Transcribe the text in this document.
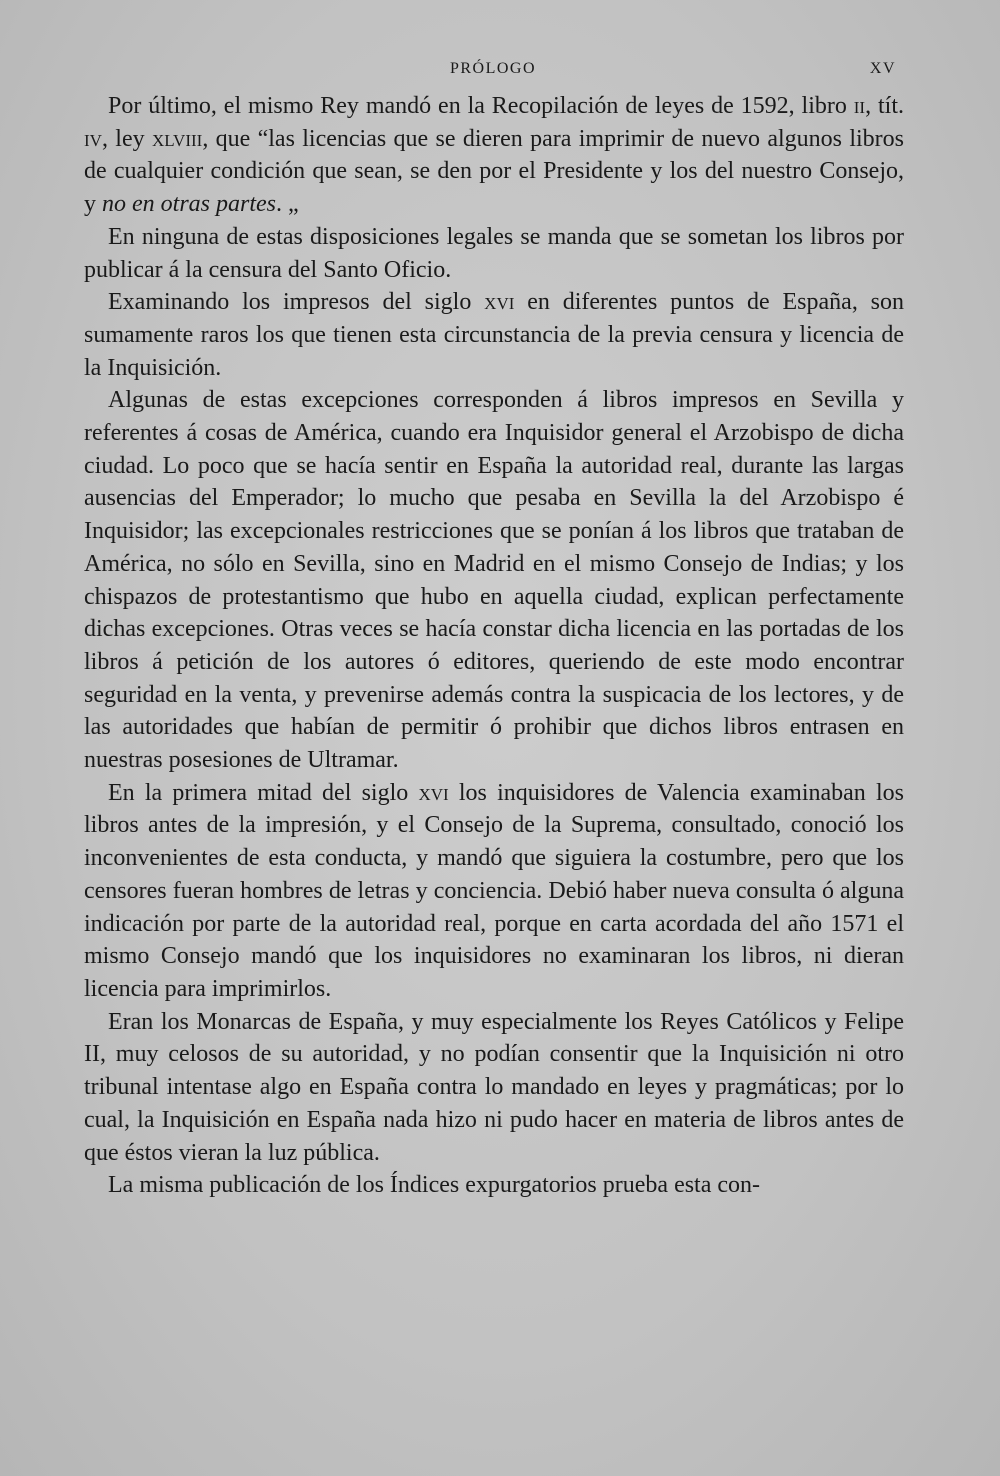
PRÓLOGO	XV

Por último, el mismo Rey mandó en la Recopilación de leyes de 1592, libro ii, tít. iv, ley xlviii, que “las licencias que se dieren para imprimir de nuevo algunos libros de cualquier condición que sean, se den por el Presidente y los del nuestro Consejo, y no en otras partes. „

En ninguna de estas disposiciones legales se manda que se sometan los libros por publicar á la censura del Santo Oficio.

Examinando los impresos del siglo xvi en diferentes puntos de España, son sumamente raros los que tienen esta circunstancia de la previa censura y licencia de la Inquisición.

Algunas de estas excepciones corresponden á libros impresos en Sevilla y referentes á cosas de América, cuando era Inquisidor general el Arzobispo de dicha ciudad. Lo poco que se hacía sentir en España la autoridad real, durante las largas ausencias del Emperador; lo mucho que pesaba en Sevilla la del Arzobispo é Inquisidor; las excepcionales restricciones que se ponían á los libros que trataban de América, no sólo en Sevilla, sino en Madrid en el mismo Consejo de Indias; y los chispazos de protestantismo que hubo en aquella ciudad, explican perfectamente dichas excepciones. Otras veces se hacía constar dicha licencia en las portadas de los libros á petición de los autores ó editores, queriendo de este modo encontrar seguridad en la venta, y prevenirse además contra la suspicacia de los lectores, y de las autoridades que habían de permitir ó prohibir que dichos libros entrasen en nuestras posesiones de Ultramar.

En la primera mitad del siglo xvi los inquisidores de Valencia examinaban los libros antes de la impresión, y el Consejo de la Suprema, consultado, conoció los inconvenientes de esta conducta, y mandó que siguiera la costumbre, pero que los censores fueran hombres de letras y conciencia. Debió haber nueva consulta ó alguna indicación por parte de la autoridad real, porque en carta acordada del año 1571 el mismo Consejo mandó que los inquisidores no examinaran los libros, ni dieran licencia para imprimirlos.

Eran los Monarcas de España, y muy especialmente los Reyes Católicos y Felipe II, muy celosos de su autoridad, y no podían consentir que la Inquisición ni otro tribunal intentase algo en España contra lo mandado en leyes y pragmáticas; por lo cual, la Inquisición en España nada hizo ni pudo hacer en materia de libros antes de que éstos vieran la luz pública.

La misma publicación de los Índices expurgatorios prueba esta con-
